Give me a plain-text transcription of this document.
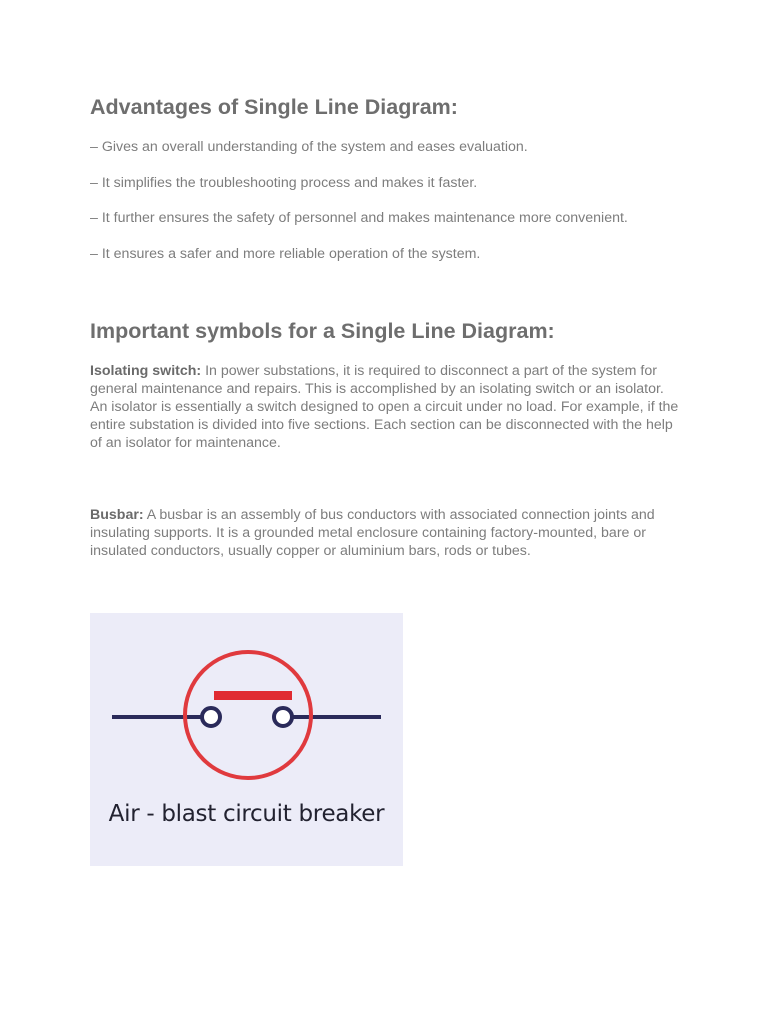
Advantages of Single Line Diagram:
– Gives an overall understanding of the system and eases evaluation.
– It simplifies the troubleshooting process and makes it faster.
– It further ensures the safety of personnel and makes maintenance more convenient.
– It ensures a safer and more reliable operation of the system.
Important symbols for a Single Line Diagram:
Isolating switch: In power substations, it is required to disconnect a part of the system for general maintenance and repairs. This is accomplished by an isolating switch or an isolator. An isolator is essentially a switch designed to open a circuit under no load. For example, if the entire substation is divided into five sections. Each section can be disconnected with the help of an isolator for maintenance.
Busbar: A busbar is an assembly of bus conductors with associated connection joints and insulating supports. It is a grounded metal enclosure containing factory-mounted, bare or insulated conductors, usually copper or aluminium bars, rods or tubes.
Air - blast circuit breaker
